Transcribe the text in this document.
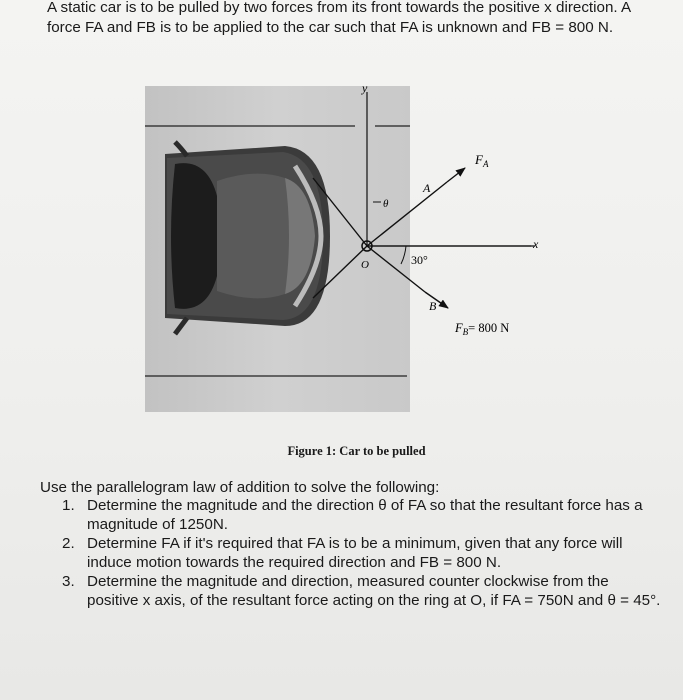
A static car is to be pulled by two forces from its front towards the positive x direction. A force FA and FB is to be applied to the car such that FA is unknown and FB = 800 N.
y
x
$F_A$
A
θ
O	30°
B
$F_B= 800$ N
Figure 1: Car to be pulled
Use the parallelogram law of addition to solve the following:
1. Determine the magnitude and the direction θ of FA so that the resultant force has a magnitude of 1250N.
2. Determine FA if it's required that FA is to be a minimum, given that any force will induce motion towards the required direction and FB = 800 N.
3. Determine the magnitude and direction, measured counter clockwise from the positive x axis, of the resultant force acting on the ring at O, if FA = 750N and θ = 45°.
